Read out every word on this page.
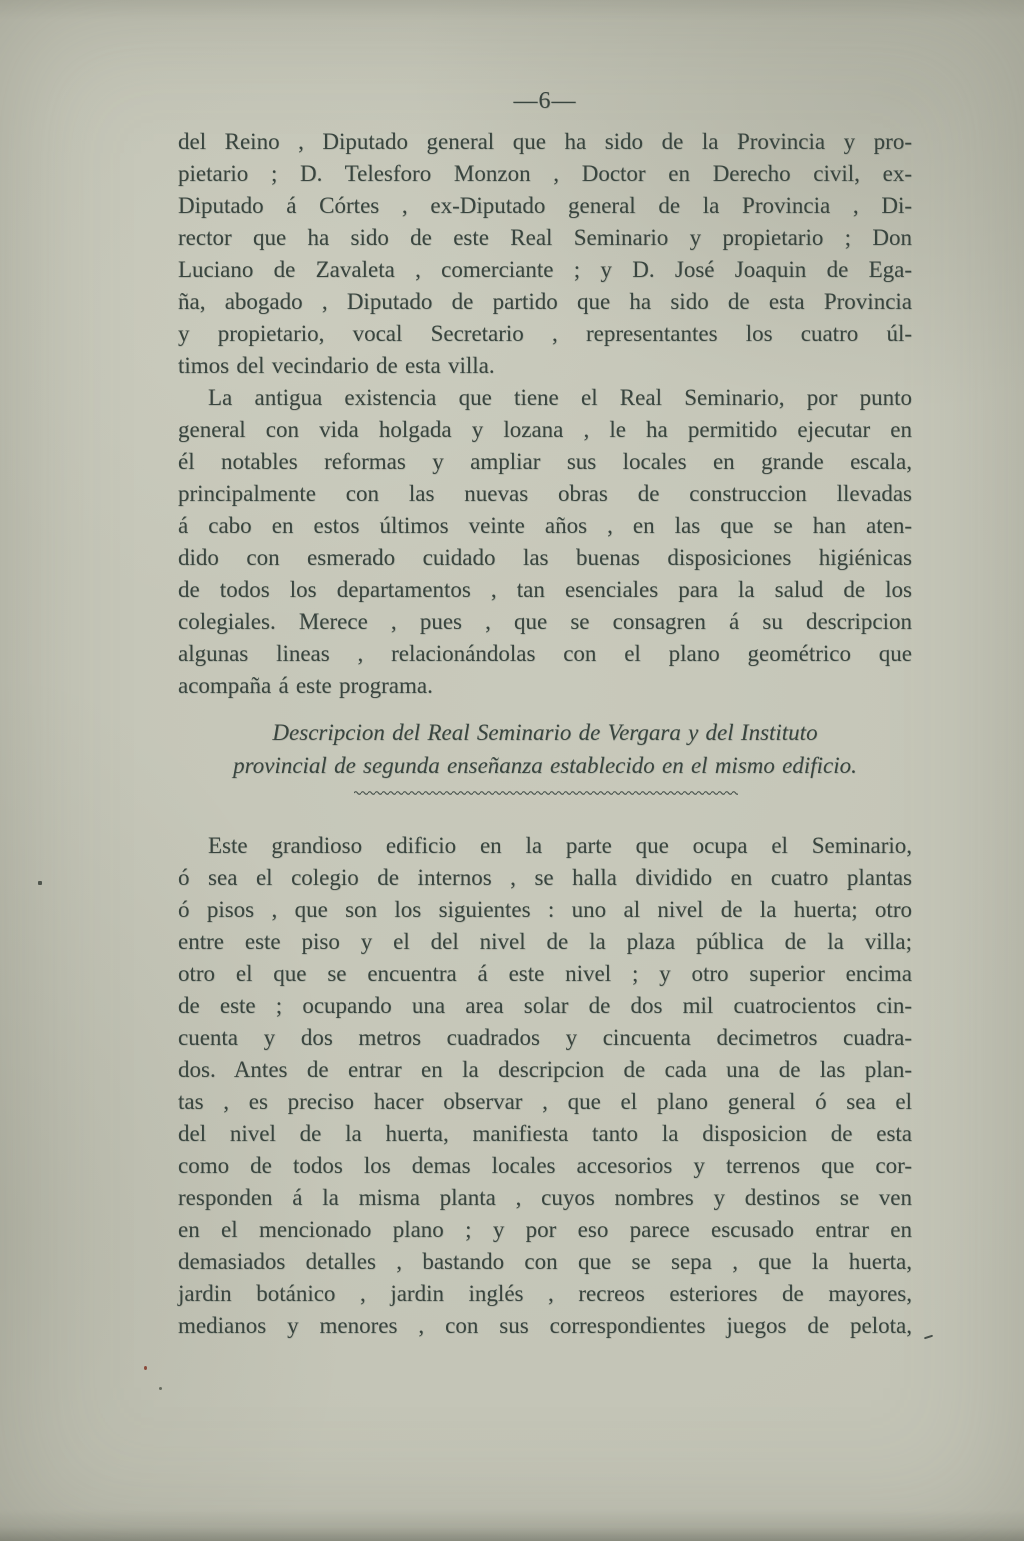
—6—
del Reino , Diputado general que ha sido de la Provincia y pro-
pietario ; D. Telesforo Monzon , Doctor en Derecho civil, ex-
Diputado á Córtes , ex-Diputado general de la Provincia , Di-
rector que ha sido de este Real Seminario y propietario ; Don
Luciano de Zavaleta , comerciante ; y D. José Joaquin de Ega-
ña, abogado , Diputado de partido que ha sido de esta Provincia
y propietario, vocal Secretario , representantes los cuatro úl-
timos del vecindario de esta villa.
La antigua existencia que tiene el Real Seminario, por punto
general con vida holgada y lozana , le ha permitido ejecutar en
él notables reformas y ampliar sus locales en grande escala,
principalmente con las nuevas obras de construccion llevadas
á cabo en estos últimos veinte años , en las que se han aten-
dido con esmerado cuidado las buenas disposiciones higiénicas
de todos los departamentos , tan esenciales para la salud de los
colegiales. Merece , pues , que se consagren á su descripcion
algunas lineas , relacionándolas con el plano geométrico que
acompaña á este programa.
Descripcion del Real Seminario de Vergara y del Instituto
provincial de segunda enseñanza establecido en el mismo edificio.
Este grandioso edificio en la parte que ocupa el Seminario,
ó sea el colegio de internos , se halla dividido en cuatro plantas
ó pisos , que son los siguientes : uno al nivel de la huerta; otro
entre este piso y el del nivel de la plaza pública de la villa;
otro el que se encuentra á este nivel ; y otro superior encima
de este ; ocupando una area solar de dos mil cuatrocientos cin-
cuenta y dos metros cuadrados y cincuenta decimetros cuadra-
dos. Antes de entrar en la descripcion de cada una de las plan-
tas , es preciso hacer observar , que el plano general ó sea el
del nivel de la huerta, manifiesta tanto la disposicion de esta
como de todos los demas locales accesorios y terrenos que cor-
responden á la misma planta , cuyos nombres y destinos se ven
en el mencionado plano ; y por eso parece escusado entrar en
demasiados detalles , bastando con que se sepa , que la huerta,
jardin botánico , jardin inglés , recreos esteriores de mayores,
medianos y menores , con sus correspondientes juegos de pelota,
